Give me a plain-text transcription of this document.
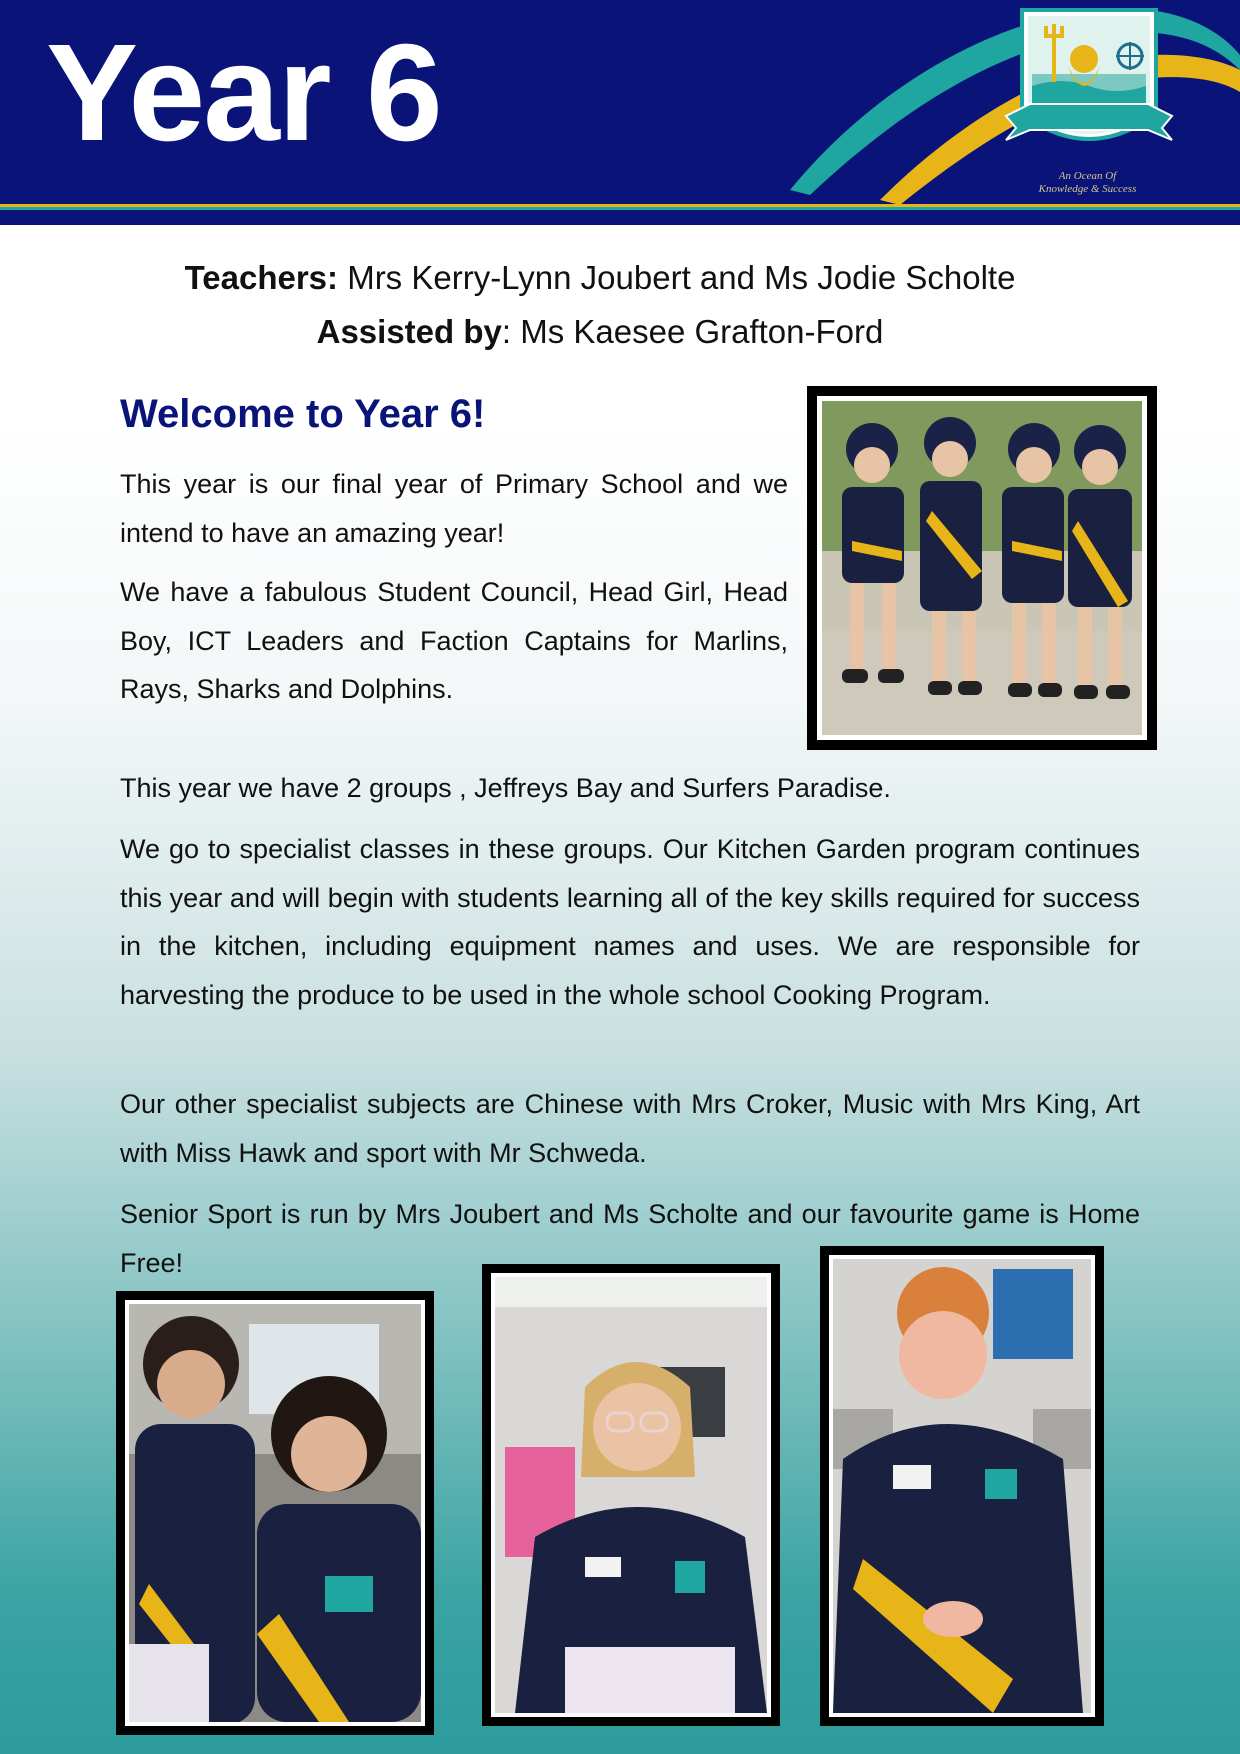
Year 6
An Ocean Of
Knowledge & Success
Teachers: Mrs Kerry-Lynn Joubert and Ms Jodie Scholte
Assisted by: Ms Kaesee Grafton-Ford
Welcome to Year 6!
This year is our final year of Primary School and we intend to have an amazing year!
We have a fabulous Student Council, Head Girl, Head Boy, ICT Leaders and Faction Captains for Marlins, Rays, Sharks and Dolphins.
This year we have 2 groups , Jeffreys Bay and Surfers Paradise.
We go to specialist classes in these groups. Our Kitchen Garden program continues this year and will begin with students learning all of the key skills required for success in the kitchen, including equipment names and uses. We are responsible for harvesting the produce to be used in the whole school Cooking Program.
Our other specialist subjects are Chinese with Mrs Croker, Music with Mrs King, Art with Miss Hawk and sport with Mr Schweda.
Senior Sport is run by Mrs Joubert and Ms Scholte and our favourite game is Home Free!
